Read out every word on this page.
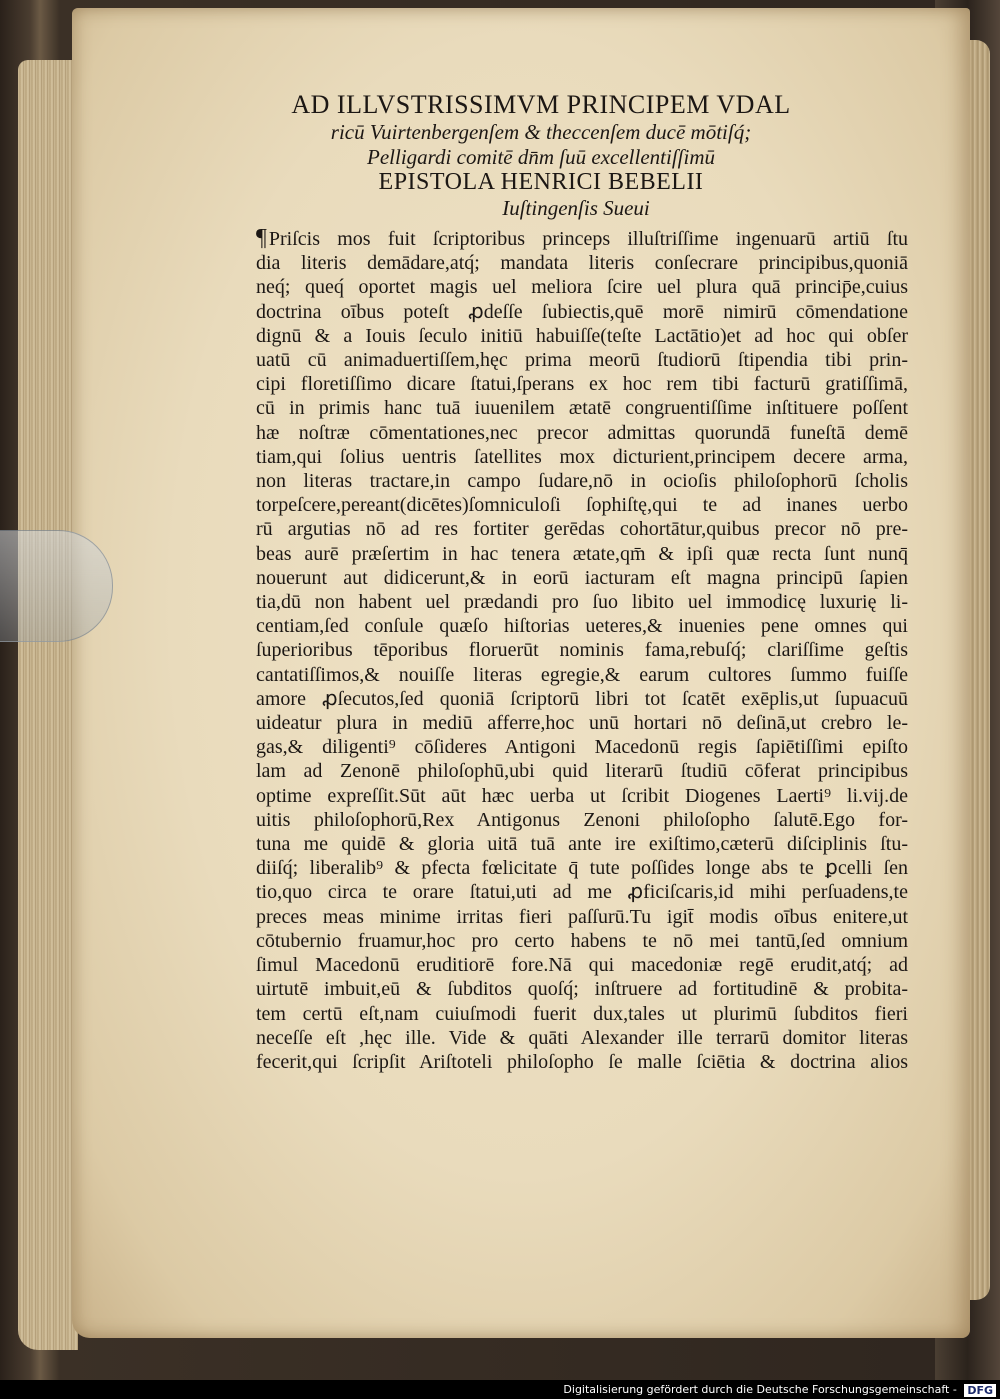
AD ILLVSTRISSIMVM PRINCIPEM VDAL
ricū Vuirtenbergenſem & theccenſem ducē mōtiſq́;
Pelligardi comitē dn̄m ſuū excellentiſſimū
EPISTOLA HENRICI BEBELII
Iuſtingenſis Sueui
¶ Priſcis mos fuit ſcriptoribus princeps illuſtriſſime ingenuarū artiū ſtu
dia literis demādare,atq́; mandata literis conſecrare principibus,quoniā
neq́; queq́ oportet magis uel meliora ſcire uel plura quā princip̄e,cuius
doctrina oībus poteſt ꝓdeſſe ſubiectis,quē morē nimirū cōmendatione
dignū & a Iouis ſeculo initiū habuiſſe(teſte Lactātio)et ad hoc qui obſer
uatū cū animaduertiſſem,hęc prima meorū ſtudiorū ſtipendia tibi prin-
cipi floretiſſimo dicare ſtatui,ſperans ex hoc rem tibi facturū gratiſſimā,
cū in primis hanc tuā iuuenilem ætatē congruentiſſime inſtituere poſſent
hæ noſtræ cōmentationes,nec precor admittas quorundā funeſtā demē
tiam,qui ſolius uentris ſatellites mox dicturient,principem decere arma,
non literas tractare,in campo ſudare,nō in ocioſis philoſophorū ſcholis
torpeſcere,pereant(dicētes)ſomniculoſi ſophiſtę,qui te ad inanes uerbo
rū argutias nō ad res fortiter gerēdas cohortātur,quibus precor nō pre-
beas aurē præſertim in hac tenera ætate,qm̄ & ipſi quæ recta ſunt nunq̄
nouerunt aut didicerunt,& in eorū iacturam eſt magna principū ſapien
tia,dū non habent uel prædandi pro ſuo libito uel immodicę luxurię li-
centiam,ſed conſule quæſo hiſtorias ueteres,& inuenies pene omnes qui
ſuperioribus tēporibus floruerūt nominis fama,rebuſq́; clariſſime geſtis
cantatiſſimos,& nouiſſe literas egregie,& earum cultores ſummo fuiſſe
amore ꝓſecutos,ſed quoniā ſcriptorū libri tot ſcatēt exēplis,ut ſupuacuū
uideatur plura in mediū afferre,hoc unū hortari nō deſinā,ut crebro le-
gas,& diligenti⁹ cōſideres Antigoni Macedonū regis ſapiētiſſimi epiſto
lam ad Zenonē philoſophū,ubi quid literarū ſtudiū cōferat principibus
optime expreſſit.Sūt aūt hæc uerba ut ſcribit Diogenes Laerti⁹ li.vij.de
uitis philoſophorū,Rex Antigonus Zenoni philoſopho ſalutē.Ego for-
tuna me quidē & gloria uitā tuā ante ire exiſtimo,cæterū diſciplinis ſtu-
diiſq́; liberalib⁹ & pfecta fœlicitate q̄ tute poſſides longe abs te ꝑcelli ſen
tio,quo circa te orare ſtatui,uti ad me ꝓficiſcaris,id mihi perſuadens,te
preces meas minime irritas fieri paſſurū.Tu igit̄ modis oībus enitere,ut
cōtubernio fruamur,hoc pro certo habens te nō mei tantū,ſed omnium
ſimul Macedonū eruditiorē fore.Nā qui macedoniæ regē erudit,atq́; ad
uirtutē imbuit,eū & ſubditos quoſq́; inſtruere ad fortitudinē & probita-
tem certū eſt,nam cuiuſmodi fuerit dux,tales ut plurimū ſubditos fieri
neceſſe eſt ,hęc ille. Vide & quāti Alexander ille terrarū domitor literas
fecerit,qui ſcripſit Ariſtoteli philoſopho ſe malle ſciētia & doctrina alios
Digitalisierung gefördert durch die Deutsche Forschungsgemeinschaft - DFG
